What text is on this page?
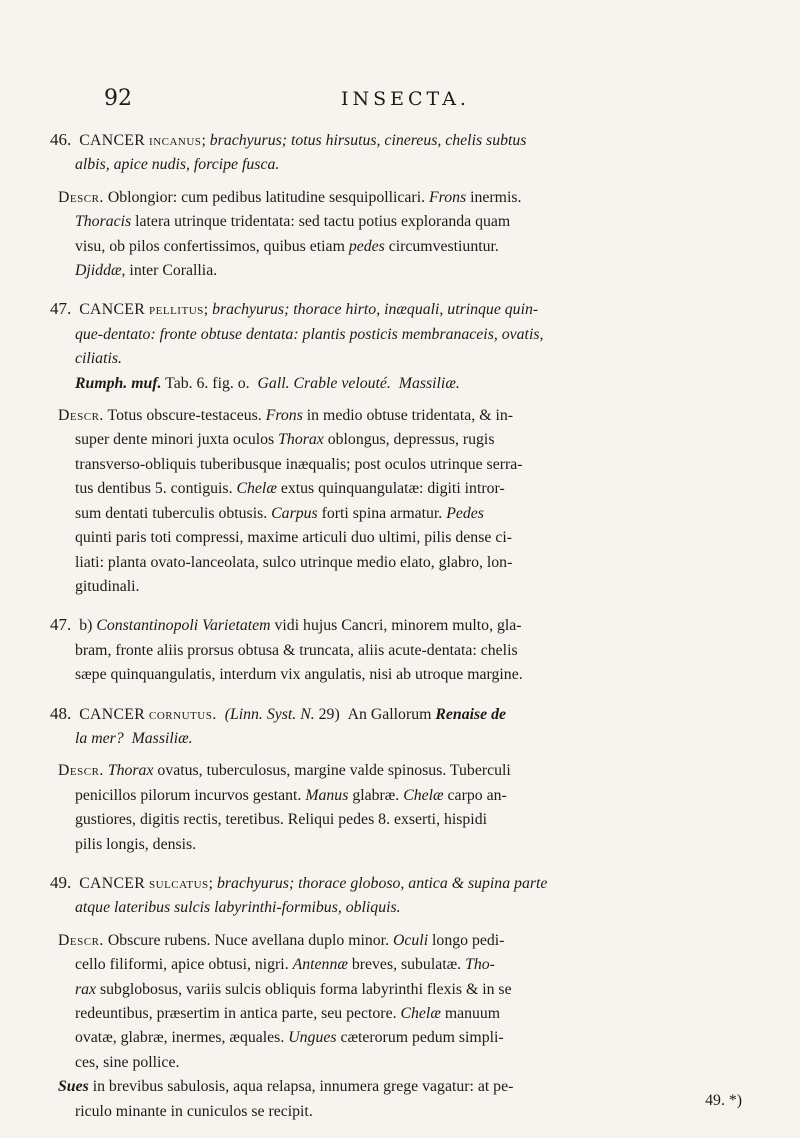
92	INSECTA.
46. CANCER incanus; brachyurus; totus hirsutus, cinereus, chelis subtus
albis, apice nudis, forcipe fusca.
Descr. Oblongior: cum pedibus latitudine sesquipollicari. Frons inermis.
Thoracis latera utrinque tridentata: sed tactu potius exploranda quam
visu, ob pilos confertissimos, quibus etiam pedes circumvestiuntur.
Djiddæ, inter Corallia.
47. CANCER pellitus; brachyurus; thorace hirto, inæquali, utrinque quin-
que-dentato: fronte obtuse dentata: plantis posticis membranaceis, ovatis,
ciliatis.
Rumph. muf. Tab. 6. fig. o. Gall. Crable velouté. Massiliæ.
Descr. Totus obscure-testaceus. Frons in medio obtuse tridentata, & in-
super dente minori juxta oculos Thorax oblongus, depressus, rugis
transverso-obliquis tuberibusque inæqualis; post oculos utrinque serra-
tus dentibus 5. contiguis. Chelæ extus quinquangulatæ: digiti intror-
sum dentati tuberculis obtusis. Carpus forti spina armatur. Pedes
quinti paris toti compressi, maxime articuli duo ultimi, pilis dense ci-
liati: planta ovato-lanceolata, sulco utrinque medio elato, glabro, lon-
gitudinali.
47. b) Constantinopoli Varietatem vidi hujus Cancri, minorem multo, gla-
bram, fronte aliis prorsus obtusa & truncata, aliis acute-dentata: chelis
sæpe quinquangulatis, interdum vix angulatis, nisi ab utroque margine.
48. CANCER cornutus. (Linn. Syst. N. 29) An Gallorum Renaise de
la mer? Massiliæ.
Descr. Thorax ovatus, tuberculosus, margine valde spinosus. Tuberculi
penicillos pilorum incurvos gestant. Manus glabræ. Chelæ carpo an-
gustiores, digitis rectis, teretibus. Reliqui pedes 8. exserti, hispidi
pilis longis, densis.
49. CANCER sulcatus; brachyurus; thorace globoso, antica & supina parte
atque lateribus sulcis labyrinthi-formibus, obliquis.
Descr. Obscure rubens. Nuce avellana duplo minor. Oculi longo pedi-
cello filiformi, apice obtusi, nigri. Antennæ breves, subulatæ. Tho-
rax subglobosus, variis sulcis obliquis forma labyrinthi flexis & in se
redeuntibus, præsertim in antica parte, seu pectore. Chelæ manuum
ovatæ, glabræ, inermes, æquales. Ungues cæterorum pedum simpli-
ces, sine pollice.
Sues in brevibus sabulosis, aqua relapsa, innumera grege vagatur: at pe-
riculo minante in cuniculos se recipit.
49. *)
